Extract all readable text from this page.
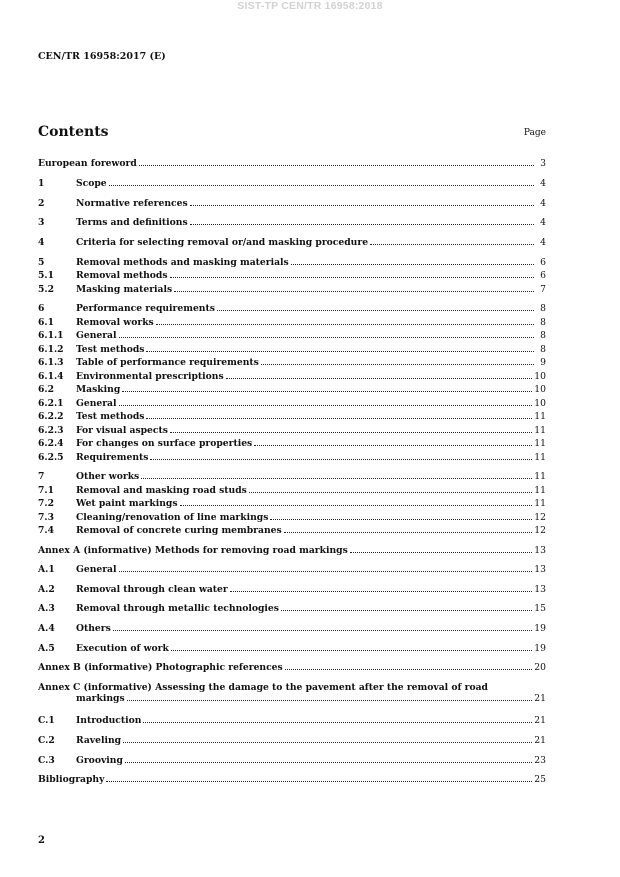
SIST-TP CEN/TR 16958:2018
CEN/TR 16958:2017 (E)
Contents	Page
European foreword	3
1	Scope	4
2	Normative references	4
3	Terms and definitions	4
4	Criteria for selecting removal or/and masking procedure	4
5	Removal methods and masking materials	6
5.1	Removal methods	6
5.2	Masking materials	7
6	Performance requirements	8
6.1	Removal works	8
6.1.1	General	8
6.1.2	Test methods	8
6.1.3	Table of performance requirements	9
6.1.4	Environmental prescriptions	10
6.2	Masking	10
6.2.1	General	10
6.2.2	Test methods	11
6.2.3	For visual aspects	11
6.2.4	For changes on surface properties	11
6.2.5	Requirements	11
7	Other works	11
7.1	Removal and masking road studs	11
7.2	Wet paint markings	11
7.3	Cleaning/renovation of line markings	12
7.4	Removal of concrete curing membranes	12
Annex A (informative) Methods for removing road markings	13
A.1	General	13
A.2	Removal through clean water	13
A.3	Removal through metallic technologies	15
A.4	Others	19
A.5	Execution of work	19
Annex B (informative) Photographic references	20
Annex C (informative) Assessing the damage to the pavement after the removal of road
markings	21
C.1	Introduction	21
C.2	Raveling	21
C.3	Grooving	23
Bibliography	25
2
